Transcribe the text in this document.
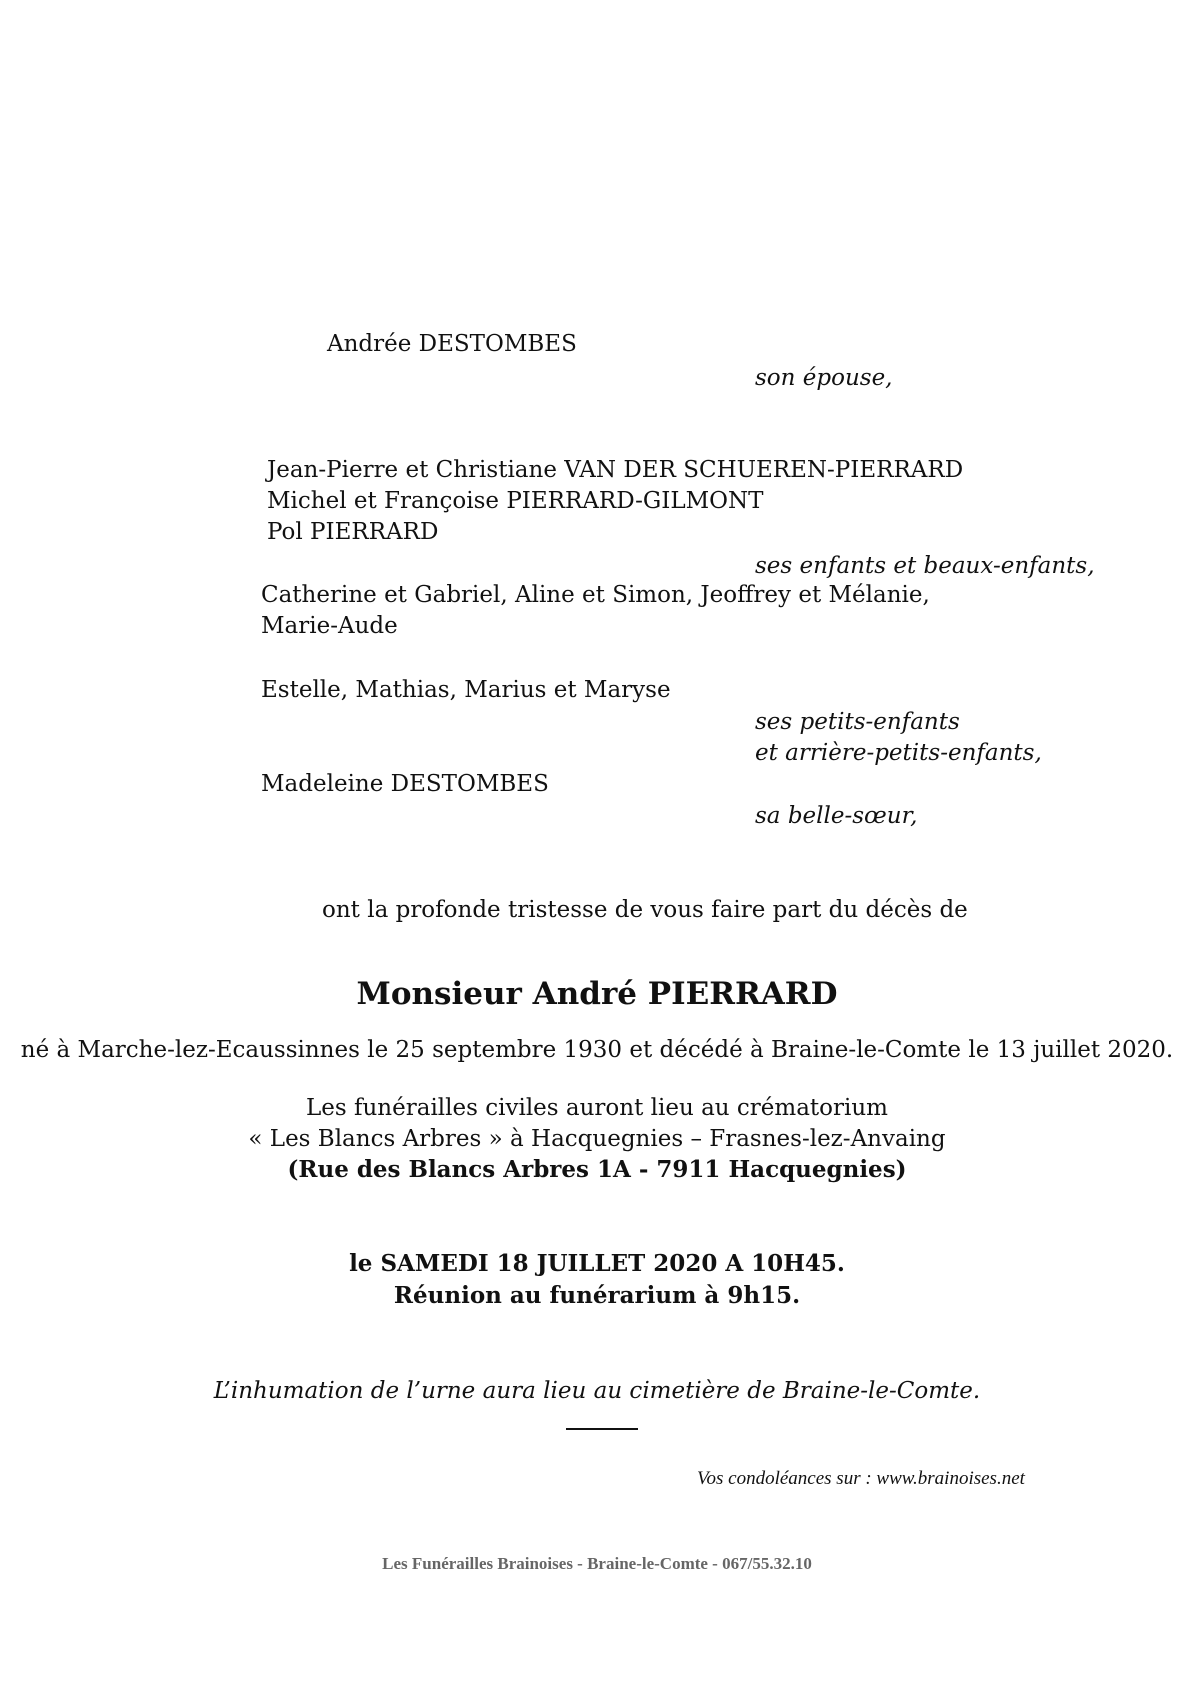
Andrée DESTOMBES
son épouse,
Jean-Pierre et Christiane VAN DER SCHUEREN-PIERRARD
Michel et Françoise PIERRARD-GILMONT
Pol PIERRARD
ses enfants et beaux-enfants,
Catherine et Gabriel, Aline et Simon, Jeoffrey et Mélanie,
Marie-Aude
Estelle, Mathias, Marius et Maryse
ses petits-enfants
et arrière-petits-enfants,
Madeleine DESTOMBES
sa belle-sœur,
ont la profonde tristesse de vous faire part du décès de
Monsieur André PIERRARD
né à Marche-lez-Ecaussinnes le 25 septembre 1930 et décédé à Braine-le-Comte le 13 juillet 2020.
Les funérailles civiles auront lieu au crématorium
« Les Blancs Arbres » à Hacquegnies – Frasnes-lez-Anvaing
(Rue des Blancs Arbres 1A - 7911 Hacquegnies)
le SAMEDI 18 JUILLET 2020 A 10H45.
Réunion au funérarium à 9h15.
L’inhumation de l’urne aura lieu au cimetière de Braine-le-Comte.
Vos condoléances sur : www.brainoises.net
Les Funérailles Brainoises - Braine-le-Comte - 067/55.32.10
